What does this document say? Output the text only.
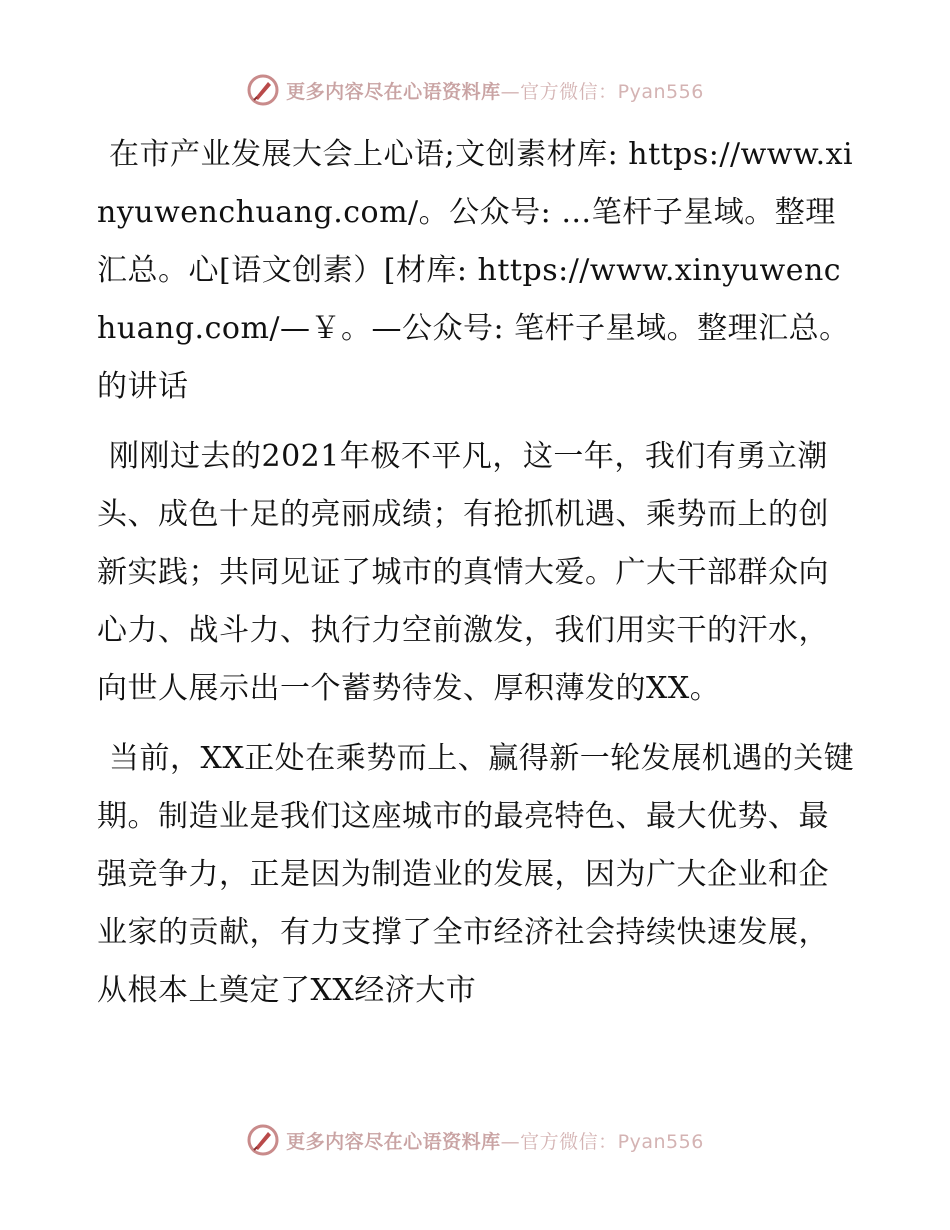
更多内容尽在心语资料库—官方微信：Pyan556

在市产业发展大会上心语;文创素材库: https://www.xinyuwenchuang.com/。公众号: …笔杆子星域。整理汇总。心[语文创素）[材库: https://www.xinyuwenchuang.com/—￥。—公众号: 笔杆子星域。整理汇总。的讲话

刚刚过去的2021年极不平凡，这一年，我们有勇立潮头、成色十足的亮丽成绩；有抢抓机遇、乘势而上的创新实践；共同见证了城市的真情大爱。广大干部群众向心力、战斗力、执行力空前激发，我们用实干的汗水，向世人展示出一个蓄势待发、厚积薄发的XX。

当前，XX正处在乘势而上、赢得新一轮发展机遇的关键期。制造业是我们这座城市的最亮特色、最大优势、最强竞争力，正是因为制造业的发展，因为广大企业和企业家的贡献，有力支撑了全市经济社会持续快速发展，从根本上奠定了XX经济大市

更多内容尽在心语资料库—官方微信：Pyan556
